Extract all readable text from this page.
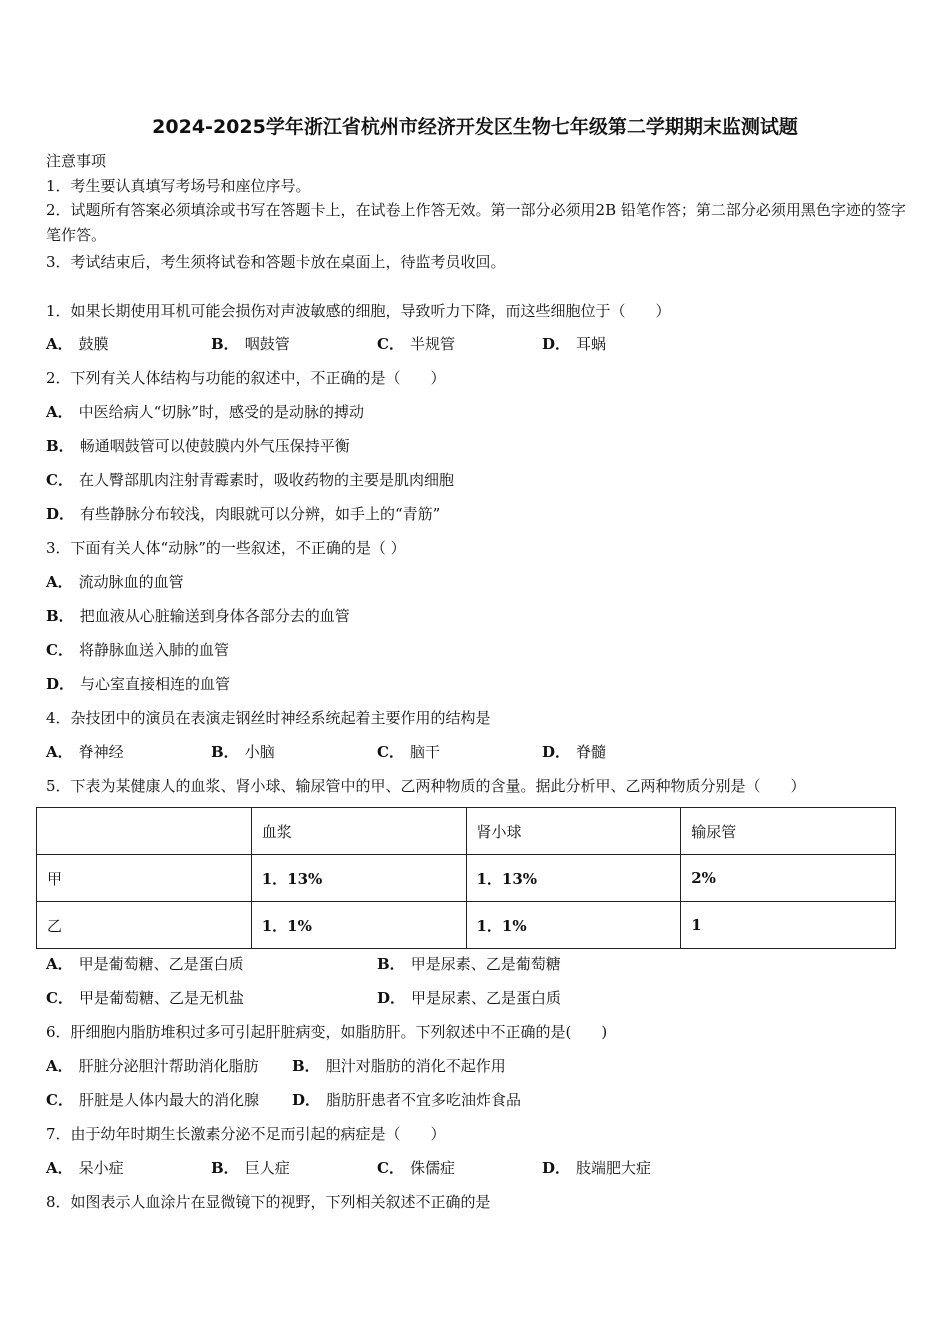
2024-2025学年浙江省杭州市经济开发区生物七年级第二学期期末监测试题
注意事项
1．考生要认真填写考场号和座位序号。
2．试题所有答案必须填涂或书写在答题卡上，在试卷上作答无效。第一部分必须用2B 铅笔作答；第二部分必须用黑色字迹的签字笔作答。
3．考试结束后，考生须将试卷和答题卡放在桌面上，待监考员收回。
1．如果长期使用耳机可能会损伤对声波敏感的细胞，导致听力下降，而这些细胞位于（　　）
A． 鼓膜	B． 咽鼓管	C． 半规管	D． 耳蜗
2．下列有关人体结构与功能的叙述中，不正确的是（　　）
A． 中医给病人“切脉”时，感受的是动脉的搏动
B． 畅通咽鼓管可以使鼓膜内外气压保持平衡
C． 在人臀部肌肉注射青霉素时，吸收药物的主要是肌肉细胞
D． 有些静脉分布较浅，肉眼就可以分辨，如手上的“青筋”
3．下面有关人体“动脉”的一些叙述，不正确的是（ ）
A． 流动脉血的血管
B． 把血液从心脏输送到身体各部分去的血管
C． 将静脉血送入肺的血管
D． 与心室直接相连的血管
4．杂技团中的演员在表演走钢丝时神经系统起着主要作用的结构是
A． 脊神经	B． 小脑	C． 脑干	D． 脊髓
5．下表为某健康人的血浆、肾小球、输尿管中的甲、乙两种物质的含量。据此分析甲、乙两种物质分别是（　　）
	血浆	肾小球	输尿管
甲	1．13%	1．13%	2%
乙	1．1%	1．1%	1
A． 甲是葡萄糖、乙是蛋白质	B． 甲是尿素、乙是葡萄糖
C． 甲是葡萄糖、乙是无机盐	D． 甲是尿素、乙是蛋白质
6．肝细胞内脂肪堆积过多可引起肝脏病变，如脂肪肝。下列叙述中不正确的是(　　)
A． 肝脏分泌胆汁帮助消化脂肪 B． 胆汁对脂肪的消化不起作用
C． 肝脏是人体内最大的消化腺 D． 脂肪肝患者不宜多吃油炸食品
7．由于幼年时期生长激素分泌不足而引起的病症是（　　）
A． 呆小症	B． 巨人症	C． 侏儒症	D． 肢端肥大症
8．如图表示人血涂片在显微镜下的视野，下列相关叙述不正确的是
